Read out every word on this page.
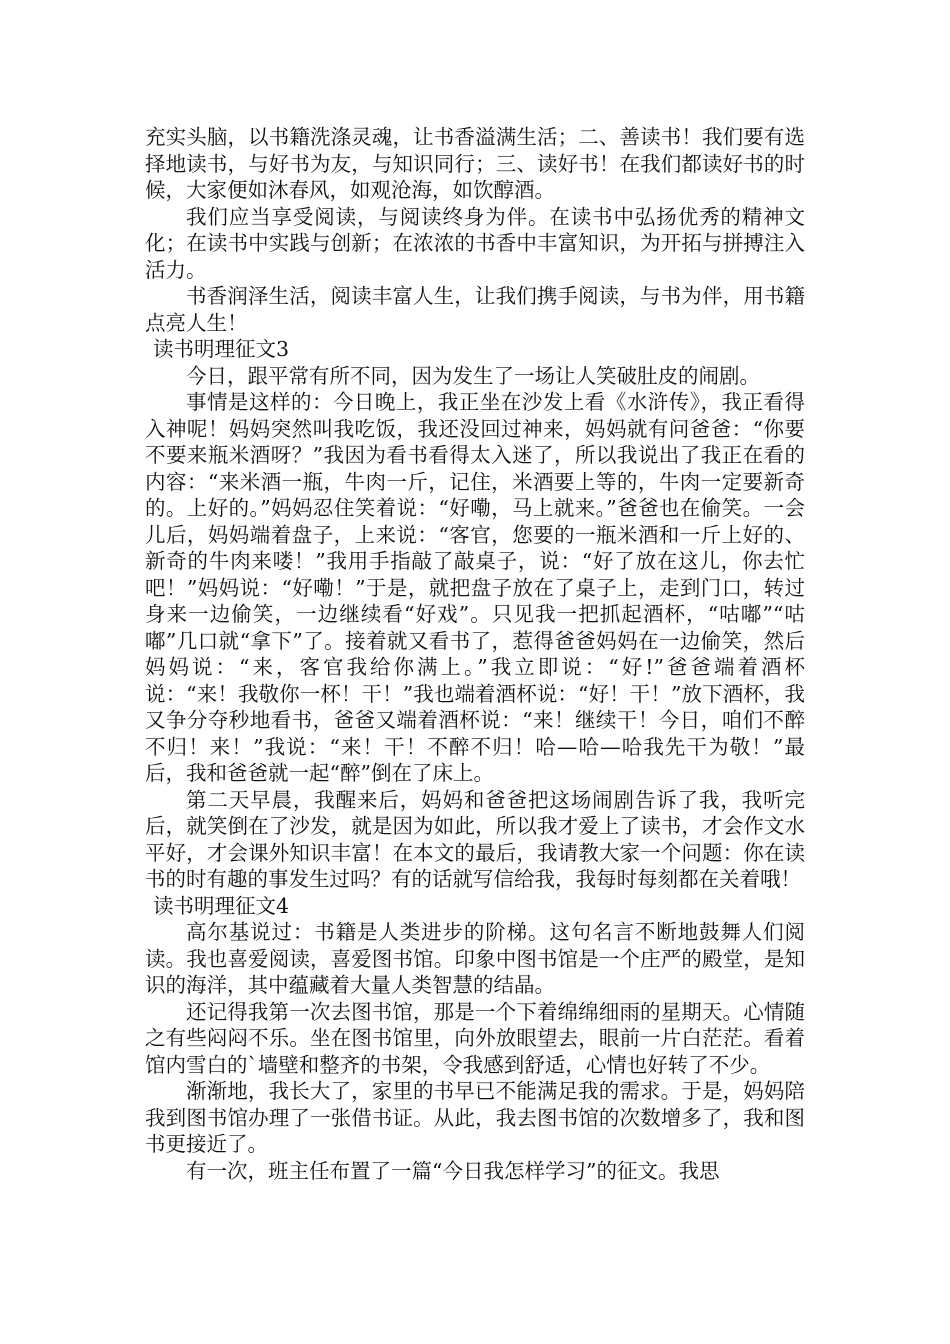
充实头脑，以书籍洗涤灵魂，让书香溢满生活；二、善读书！我们要有选择地读书，与好书为友，与知识同行；三、读好书！在我们都读好书的时候，大家便如沐春风，如观沧海，如饮醇酒。

我们应当享受阅读，与阅读终身为伴。在读书中弘扬优秀的精神文化；在读书中实践与创新；在浓浓的书香中丰富知识，为开拓与拼搏注入活力。

书香润泽生活，阅读丰富人生，让我们携手阅读，与书为伴，用书籍点亮人生！

读书明理征文3

今日，跟平常有所不同，因为发生了一场让人笑破肚皮的闹剧。

事情是这样的：今日晚上，我正坐在沙发上看《水浒传》，我正看得入神呢！妈妈突然叫我吃饭，我还没回过神来，妈妈就有问爸爸：“你要不要来瓶米酒呀？”我因为看书看得太入迷了，所以我说出了我正在看的内容：“来米酒一瓶，牛肉一斤，记住，米酒要上等的，牛肉一定要新奇的。上好的。”妈妈忍住笑着说：“好嘞，马上就来。”爸爸也在偷笑。一会儿后，妈妈端着盘子，上来说：“客官，您要的一瓶米酒和一斤上好的、新奇的牛肉来喽！”我用手指敲了敲桌子，说：“好了放在这儿，你去忙吧！”妈妈说：“好嘞！”于是，就把盘子放在了桌子上，走到门口，转过身来一边偷笑，一边继续看“好戏”。只见我一把抓起酒杯，“咕嘟”“咕嘟”几口就“拿下”了。接着就又看书了，惹得爸爸妈妈在一边偷笑，然后妈妈说：“来，客官我给你满上。”我立即说：“好!”爸爸端着酒杯说：“来！我敬你一杯！干！”我也端着酒杯说：“好！干！”放下酒杯，我又争分夺秒地看书，爸爸又端着酒杯说：“来！继续干！今日，咱们不醉不归！来！”我说：“来！干！不醉不归！哈—哈—哈我先干为敬！”最后，我和爸爸就一起“醉”倒在了床上。

第二天早晨，我醒来后，妈妈和爸爸把这场闹剧告诉了我，我听完后，就笑倒在了沙发，就是因为如此，所以我才爱上了读书，才会作文水平好，才会课外知识丰富！在本文的最后，我请教大家一个问题：你在读书的时有趣的事发生过吗？有的话就写信给我，我每时每刻都在关着哦！

读书明理征文4

高尔基说过：书籍是人类进步的阶梯。这句名言不断地鼓舞人们阅读。我也喜爱阅读，喜爱图书馆。印象中图书馆是一个庄严的殿堂，是知识的海洋，其中蕴藏着大量人类智慧的结晶。

还记得我第一次去图书馆，那是一个下着绵绵细雨的星期天。心情随之有些闷闷不乐。坐在图书馆里，向外放眼望去，眼前一片白茫茫。看着馆内雪白的`墙壁和整齐的书架，令我感到舒适，心情也好转了不少。

渐渐地，我长大了，家里的书早已不能满足我的需求。于是，妈妈陪我到图书馆办理了一张借书证。从此，我去图书馆的次数增多了，我和图书更接近了。

有一次，班主任布置了一篇“今日我怎样学习”的征文。我思
